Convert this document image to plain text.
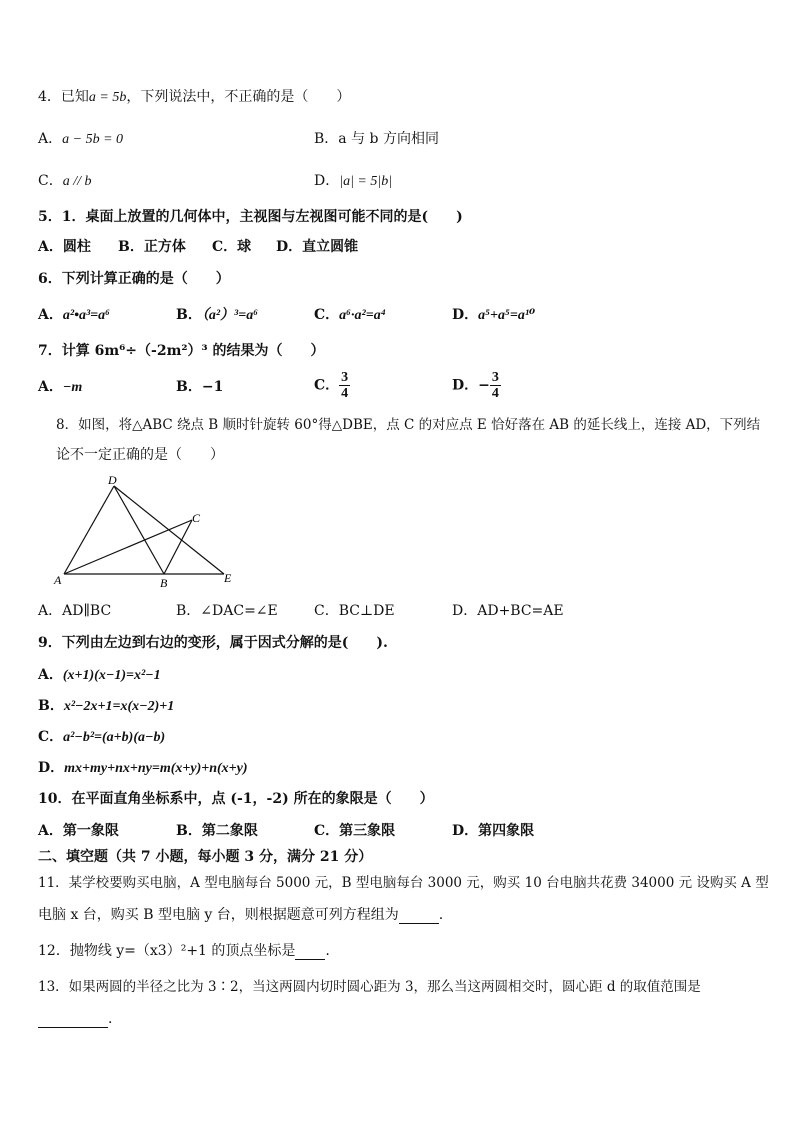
4．已知a = 5b，下列说法中，不正确的是（　　）
A．a − 5b = 0	B．a 与 b 方向相同
C．a // b	D．|a| = 5|b|
5．1．桌面上放置的几何体中，主视图与左视图可能不同的是(　　)
A．圆柱 B．正方体 C．球 D．直立圆锥
6．下列计算正确的是（　　）
A．a²•a³=a⁶	B．（a²）³=a⁶	C．a⁶·a²=a⁴	D．a⁵+a⁵=a¹⁰
7．计算 6m⁶÷（-2m²）³ 的结果为（　　）
A．−m	B．−1	C． $\frac{3}{4}$	D．− $\frac{3}{4}$
8．如图，将△ABC 绕点 B 顺时针旋转 60°得△DBE，点 C 的对应点 E 恰好落在 AB 的延长线上，连接 AD，下列结
论不一定正确的是（　　）
D
C
A	B	E
A．AD∥BC	B．∠DAC=∠E	C．BC⊥DE	D．AD+BC=AE
9．下列由左边到右边的变形，属于因式分解的是(　　).
A．(x+1)(x−1)=x²−1
B．x²−2x+1=x(x−2)+1
C．a²−b²=(a+b)(a−b)
D．mx+my+nx+ny=m(x+y)+n(x+y)
10．在平面直角坐标系中，点 (-1，-2) 所在的象限是（　　）
A．第一象限	B．第二象限	C．第三象限	D．第四象限
二、填空题（共 7 小题，每小题 3 分，满分 21 分）
11．某学校要购买电脑，A 型电脑每台 5000 元，B 型电脑每台 3000 元，购买 10 台电脑共花费 34000 元 设购买 A 型
电脑 x 台，购买 B 型电脑 y 台，则根据题意可列方程组为	.
12．抛物线 y=（x3）²+1 的顶点坐标是 .
13．如果两圆的半径之比为 3∶2，当这两圆内切时圆心距为 3，那么当这两圆相交时，圆心距 d 的取值范围是
.
